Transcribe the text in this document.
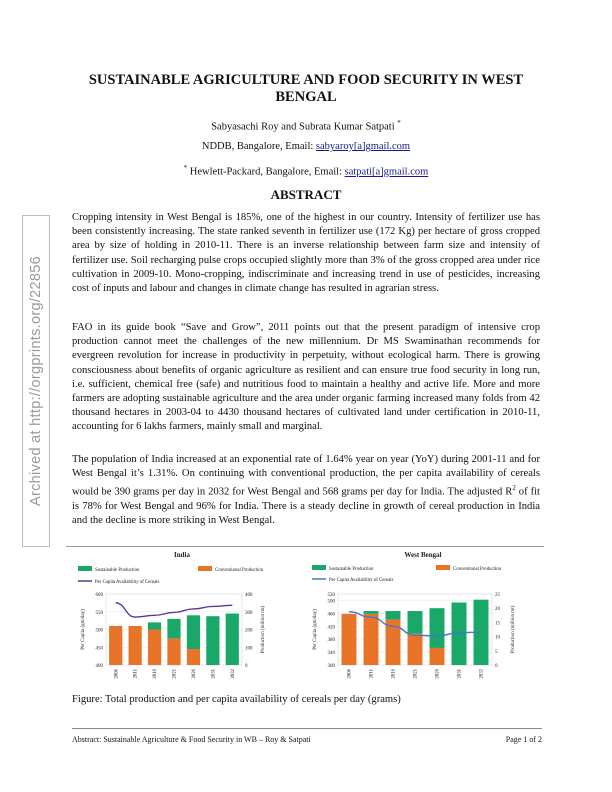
SUSTAINABLE AGRICULTURE AND FOOD SECURITY IN WEST BENGAL
Sabyasachi Roy and Subrata Kumar Satpati *
NDDB, Bangalore, Email: sabyaroy[a]gmail.com
* Hewlett-Packard, Bangalore, Email: satpati[a]gmail.com
ABSTRACT
Archived at http://orgprints.org/22856
Cropping intensity in West Bengal is 185%, one of the highest in our country. Intensity of fertilizer use has been consistently increasing. The state ranked seventh in fertilizer use (172 Kg) per hectare of gross cropped area by size of holding in 2010-11. There is an inverse relationship between farm size and intensity of fertilizer use. Soil recharging pulse crops occupied slightly more than 3% of the gross cropped area under rice cultivation in 2009-10. Mono-cropping, indiscriminate and increasing trend in use of pesticides, increasing cost of inputs and labour and changes in climate change has resulted in agrarian stress.
FAO in its guide book “Save and Grow”, 2011 points out that the present paradigm of intensive crop production cannot meet the challenges of the new millennium. Dr MS Swaminathan recommends for evergreen revolution for increase in productivity in perpetuity, without ecological harm. There is growing consciousness about benefits of organic agriculture as resilient and can ensure true food security in long run, i.e. sufficient, chemical free (safe) and nutritious food to maintain a healthy and active life. More and more farmers are adopting sustainable agriculture and the area under organic farming increased many folds from 42 thousand hectares in 2003-04 to 4430 thousand hectares of cultivated land under certification in 2010-11, accounting for 6 lakhs farmers, mainly small and marginal.
The population of India increased at an exponential rate of 1.64% year on year (YoY) during 2001-11 and for West Bengal it’s 1.31%. On continuing with conventional production, the per capita availability of cereals would be 390 grams per day in 2032 for West Bengal and 568 grams per day for India. The adjusted $R^2$ of fit is 78% for West Bengal and 96% for India. There is a steady decline in growth of cereal production in India and the decline is more striking in West Bengal.
India
Sustainable Production	Conventional Production
Per Capita Availability of Cereals
400
450
500
550
600
0
100
200
300
400
Per Capita (gm/day)	Production (million mt)
2006	2011	2016	2021	2026	2031	2032
West Bengal
Sustainable Production	Conventional Production
Per Capita Availability of Cereals
300
340
380
420
460
500
520
0
5
10
15
20
25
Per Capita (gm/day)	Production (million mt)
2006	2011	2016	2021	2026	2031	2032
Figure: Total production and per capita availability of cereals per day (grams)
Abstract: Sustainable Agriculture & Food Security in WB – Roy & Satpati	Page 1 of 2
